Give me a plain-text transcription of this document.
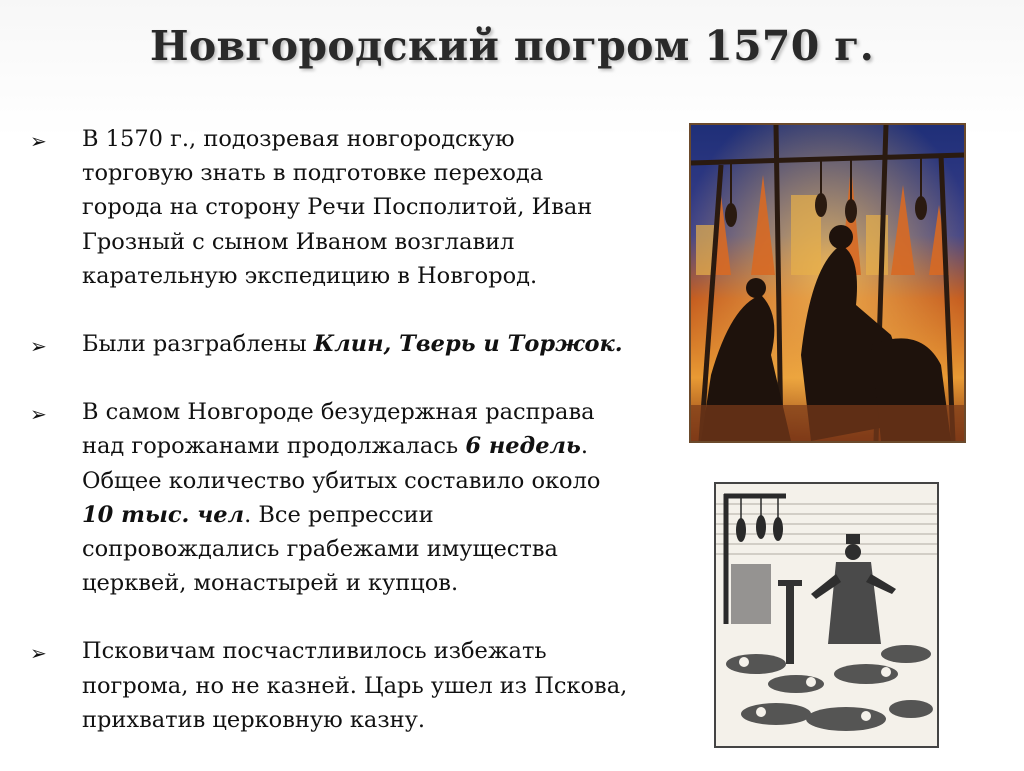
Новгородский погром 1570 г.
➢ В 1570 г., подозревая новгородскую
торговую знать в подготовке перехода
города на сторону Речи Посполитой, Иван
Грозный с сыном Иваном возглавил
карательную экспедицию в Новгород.
➢ Были разграблены Клин, Тверь и Торжок.
➢ В самом Новгороде безудержная расправа
над горожанами продолжалась 6 недель.
Общее количество убитых составило около
10 тыс. чел. Все репрессии
сопровождались грабежами имущества
церквей, монастырей и купцов.
➢ Псковичам посчастливилось избежать
погрома, но не казней. Царь ушел из Пскова,
прихватив церковную казну.
